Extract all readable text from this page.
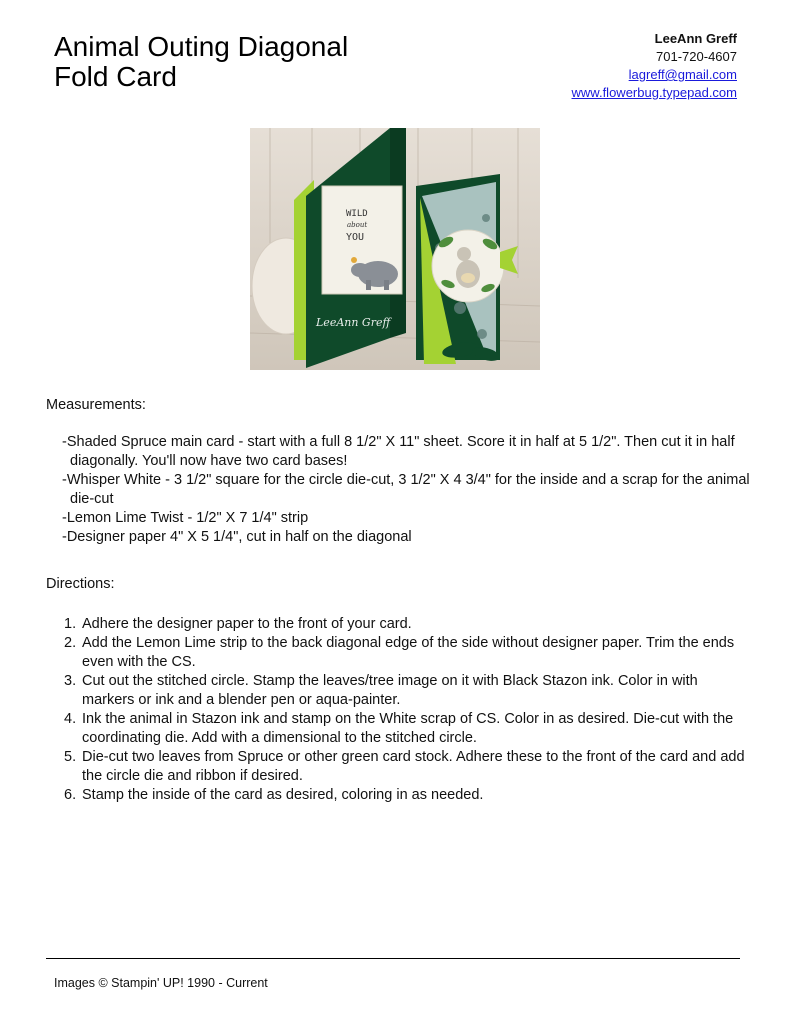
Animal Outing Diagonal
Fold Card
LeeAnn Greff
701-720-4607
lagreff@gmail.com
www.flowerbug.typepad.com
WILD
about
YOU
LeeAnn Greff
Measurements:
-Shaded Spruce main card - start with a full 8 1/2" X 11" sheet. Score it in half at 5 1/2". Then cut it in half diagonally. You'll now have two card bases!
-Whisper White - 3 1/2" square for the circle die-cut, 3 1/2" X 4 3/4" for the inside and a scrap for the animal die-cut
-Lemon Lime Twist - 1/2" X 7 1/4" strip
-Designer paper 4" X 5 1/4", cut in half on the diagonal
Directions:
1. Adhere the designer paper to the front of your card.
2. Add the Lemon Lime strip to the back diagonal edge of the side without designer paper. Trim the ends even with the CS.
3. Cut out the stitched circle. Stamp the leaves/tree image on it with Black Stazon ink. Color in with markers or ink and a blender pen or aqua-painter.
4. Ink the animal in Stazon ink and stamp on the White scrap of CS. Color in as desired. Die-cut with the coordinating die. Add with a dimensional to the stitched circle.
5. Die-cut two leaves from Spruce or other green card stock. Adhere these to the front of the card and add the circle die and ribbon if desired.
6. Stamp the inside of the card as desired, coloring in as needed.
Images © Stampin' UP! 1990 - Current
